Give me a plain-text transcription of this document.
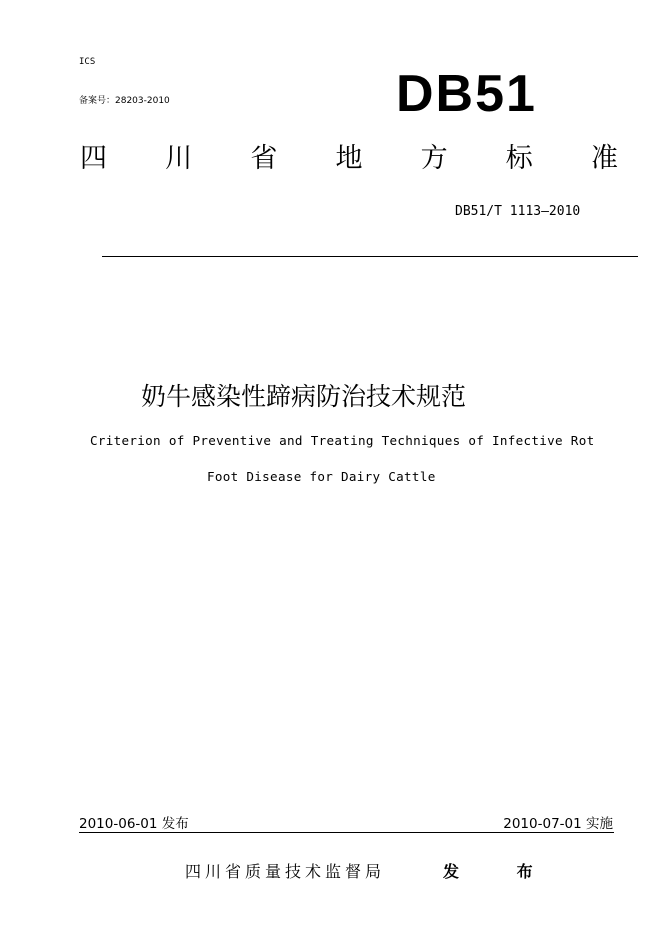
ICS
备案号：28203-2010	DB51
四 川 省 地 方 标 准
DB51/T 1113—2010
奶牛感染性蹄病防治技术规范
Criterion of Preventive and Treating Techniques of Infective Rot
Foot Disease for Dairy Cattle
2010-06-01 发布	2010-07-01 实施
四川省质量技术监督局	发 布
